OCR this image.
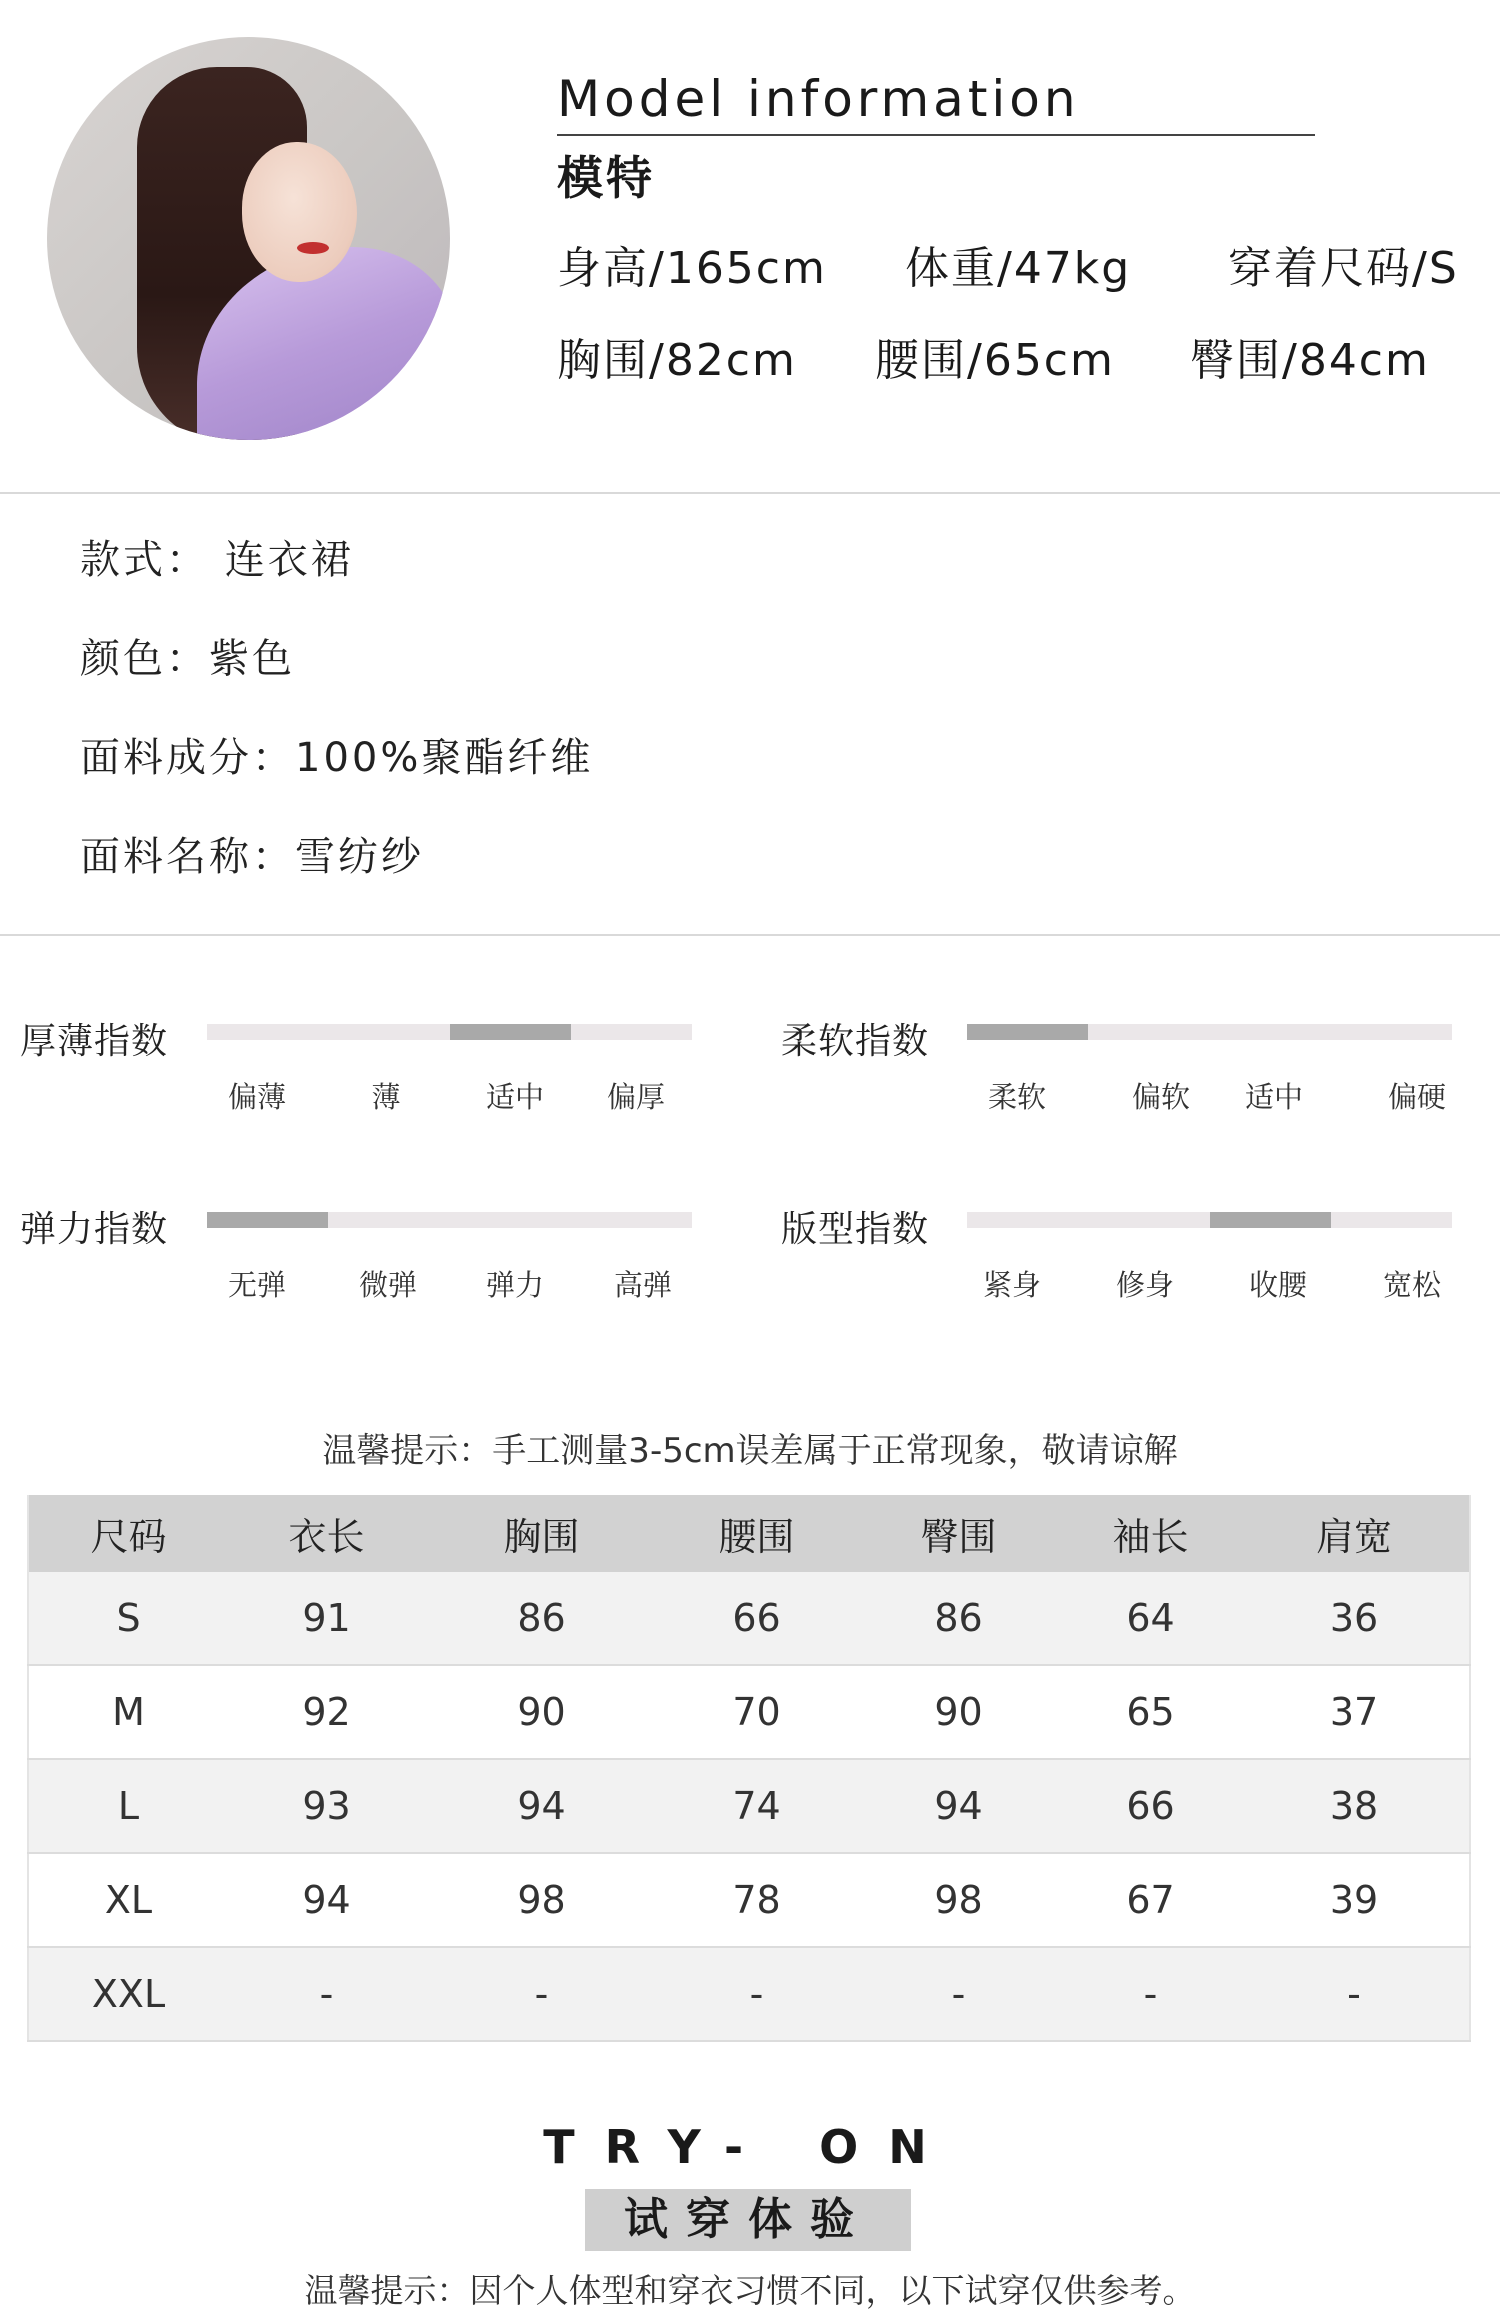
Model information
模特
身高/165cm 体重/47kg 穿着尺码/S
胸围/82cm 腰围/65cm 臀围/84cm
款式： 连衣裙
颜色：紫色
面料成分：100%聚酯纤维
面料名称：雪纺纱
厚薄指数
偏薄	薄	适中 偏厚
柔软指数
柔软	偏软 适中	偏硬
弹力指数
无弹	微弹 弹力 高弹
版型指数
紧身	修身	收腰	宽松
温馨提示：手工测量3-5cm误差属于正常现象，敬请谅解
尺码	衣长	胸围	腰围	臀围	袖长	肩宽
S	91	86	66	86	64	36
M	92	90	70	90	65	37
L	93	94	74	94	66	38
XL	94	98	78	98	67	39
XXL	-	-	-	-	-	-
TRY- ON
试穿体验
温馨提示：因个人体型和穿衣习惯不同，以下试穿仅供参考。
